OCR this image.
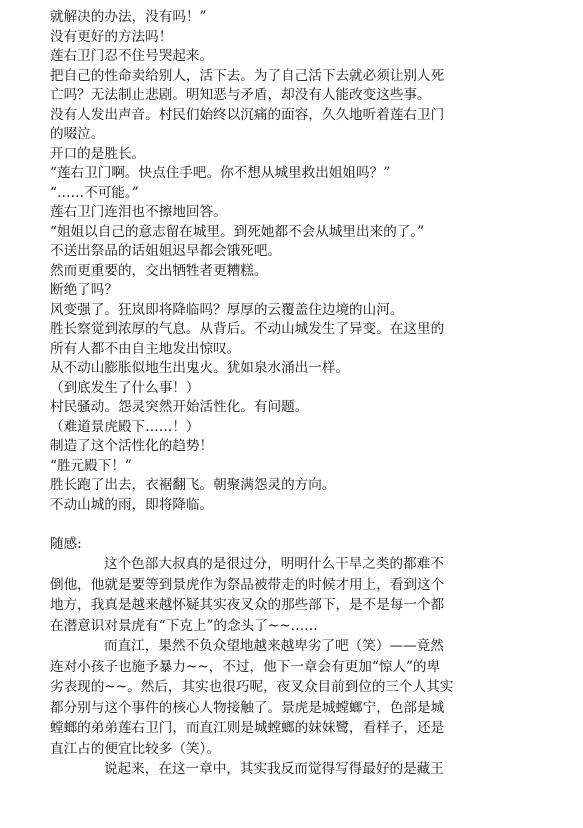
就解决的办法，没有吗！”
没有更好的方法吗！
莲右卫门忍不住号哭起来。
把自己的性命卖给别人，活下去。为了自己活下去就必须让别人死
亡吗？无法制止悲剧。明知恶与矛盾，却没有人能改变这些事。
没有人发出声音。村民们始终以沉痛的面容，久久地听着莲右卫门
的啜泣。
开口的是胜长。
“莲右卫门啊。快点住手吧。你不想从城里救出姐姐吗？”
“……不可能。”
莲右卫门连泪也不擦地回答。
“姐姐以自己的意志留在城里。到死她都不会从城里出来的了。”
不送出祭品的话姐姐迟早都会饿死吧。
然而更重要的，交出牺牲者更糟糕。
断绝了吗？
风变强了。狂岚即将降临吗？厚厚的云覆盖住边境的山河。
胜长察觉到浓厚的气息。从背后。不动山城发生了异变。在这里的
所有人都不由自主地发出惊叹。
从不动山膨胀似地生出鬼火。犹如泉水涌出一样。
（到底发生了什么事！）
村民骚动。怨灵突然开始活性化。有问题。
（难道景虎殿下……！）
制造了这个活性化的趋势！
“胜元殿下！”
胜长跑了出去，衣裾翻飞。朝聚满怨灵的方向。
不动山城的雨，即将降临。
随感:
这个色部大叔真的是很过分，明明什么干旱之类的都难不
倒他，他就是要等到景虎作为祭品被带走的时候才用上，看到这个
地方，我真是越来越怀疑其实夜叉众的那些部下，是不是每一个都
在潜意识对景虎有“下克上”的念头了~~……
而直江，果然不负众望地越来越卑劣了吧（笑）——竟然
连对小孩子也施予暴力~~，不过，他下一章会有更加“惊人”的卑
劣表现的~~。然后，其实也很巧呢，夜叉众目前到位的三个人其实
都分别与这个事件的核心人物接触了。景虎是城螳螂宁，色部是城
螳螂的弟弟莲右卫门，而直江则是城螳螂的妹妹鹭，看样子，还是
直江占的便宜比较多（笑）。
说起来，在这一章中，其实我反而觉得写得最好的是藏王
